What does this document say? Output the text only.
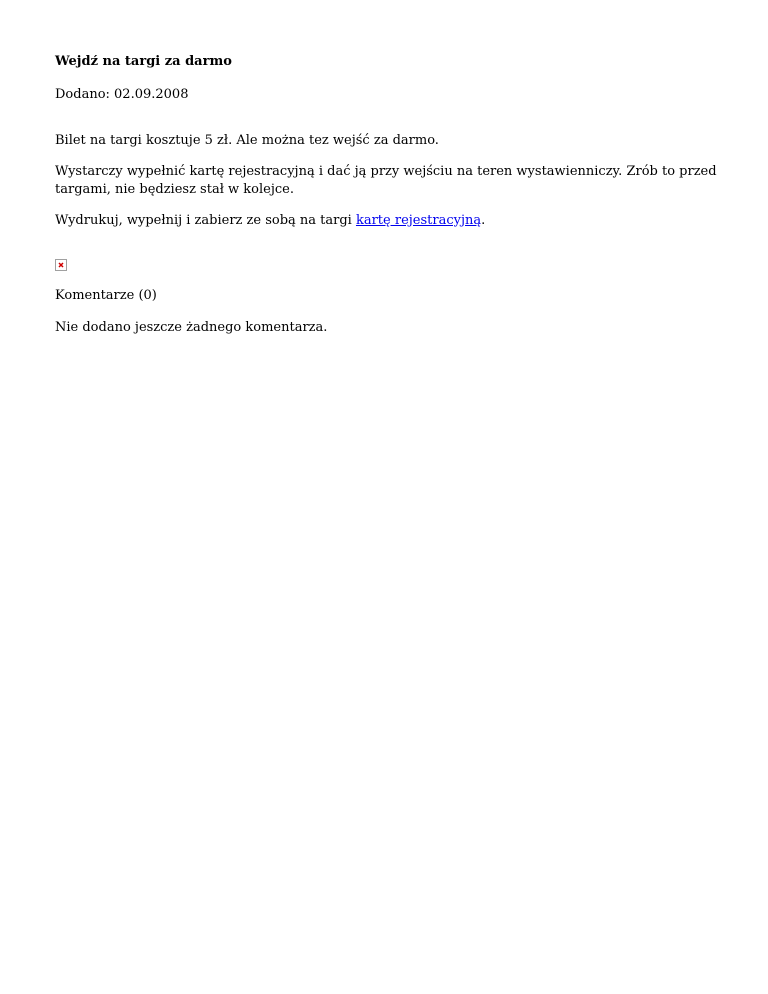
Wejdź na targi za darmo

Dodano: 02.09.2008

Bilet na targi kosztuje 5 zł. Ale można tez wejść za darmo.

Wystarczy wypełnić kartę rejestracyjną i dać ją przy wejściu na teren wystawienniczy. Zrób to przed targami, nie będziesz stał w kolejce.

Wydrukuj, wypełnij i zabierz ze sobą na targi kartę rejestracyjną.

Komentarze (0)

Nie dodano jeszcze żadnego komentarza.
